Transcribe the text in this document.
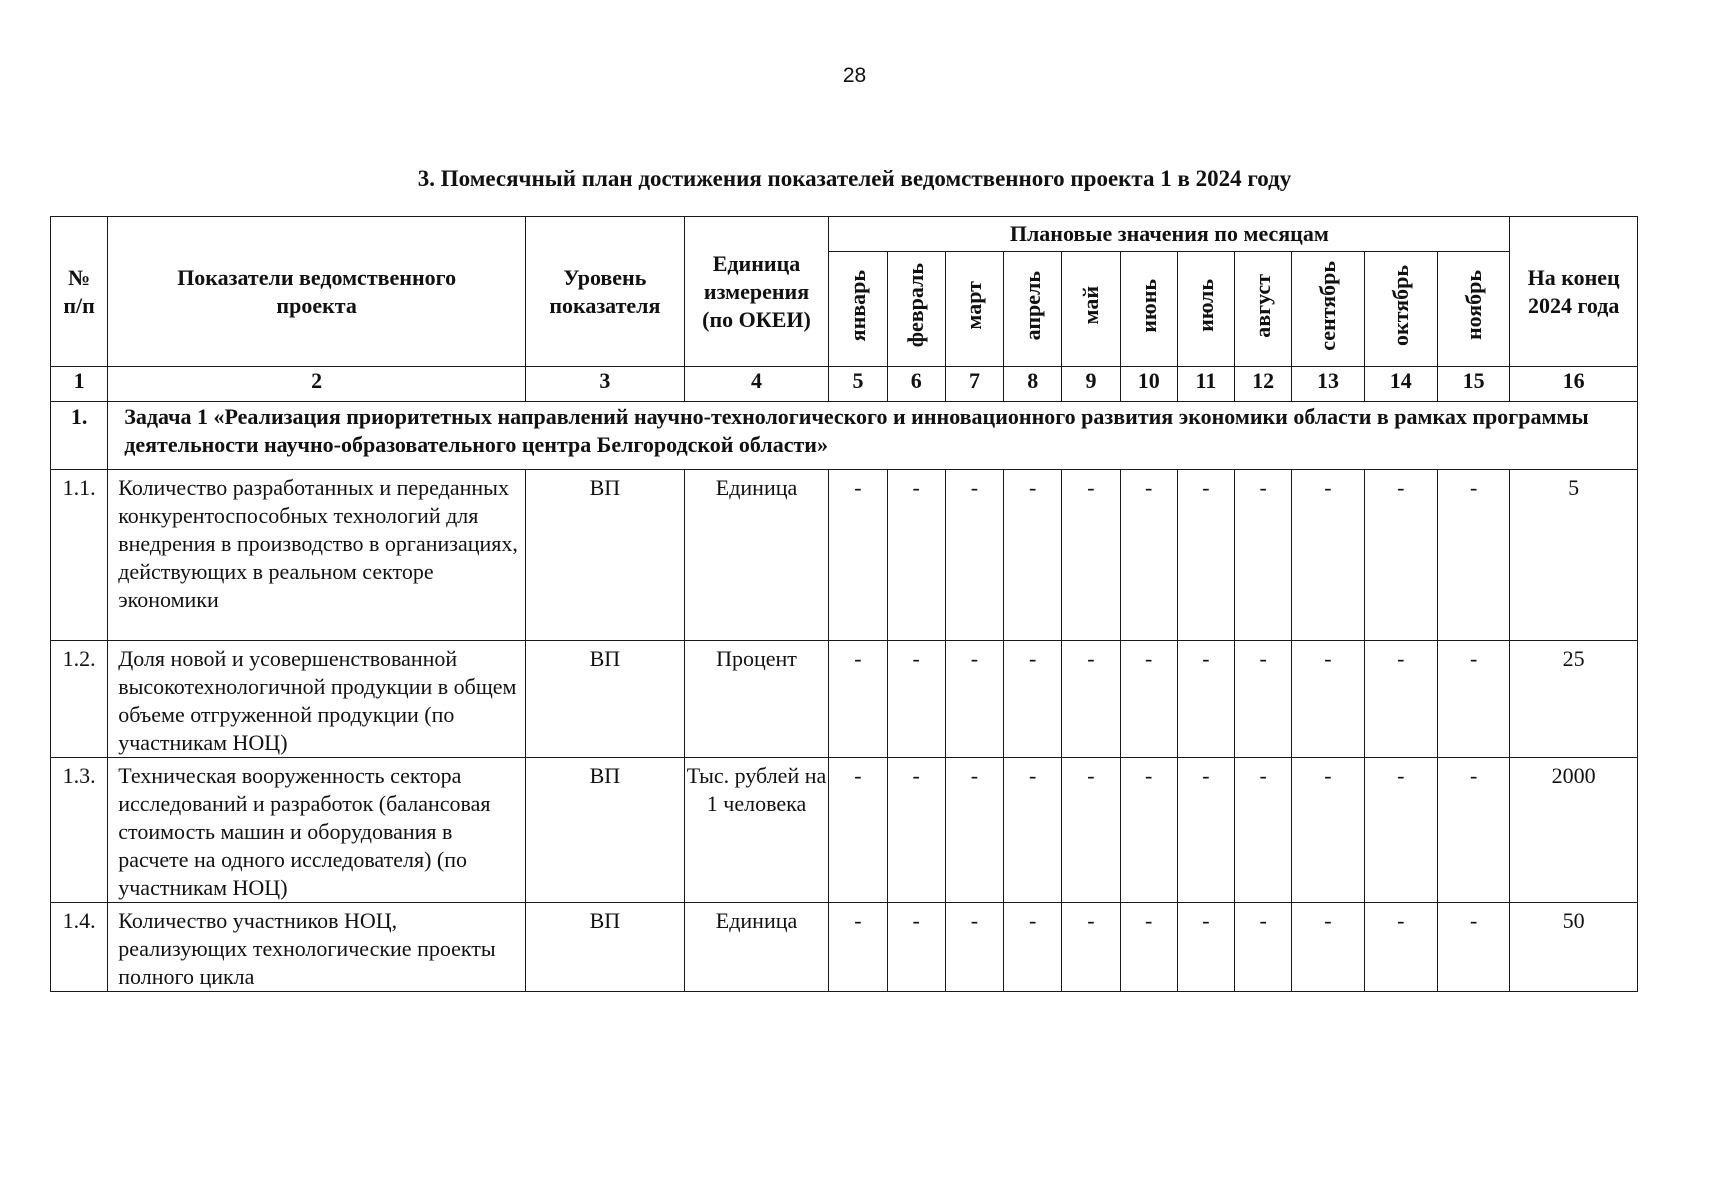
28
3. Помесячный план достижения показателей ведомственного проекта 1 в 2024 году
№
п/п	Показатели ведомственного проекта	Уровень показателя	Единица измерения (по ОКЕИ)	Плановые значения по месяцам											На конец 2024 года
				январь	февраль	март	апрель	май	июнь	июль	август	сентябрь	октябрь	ноябрь	
1	2	3	4	5	6	7	8	9	10	11	12	13	14	15	16
1.	Задача 1 «Реализация приоритетных направлений научно-технологического и инновационного развития экономики области в рамках программы деятельности научно-образовательного центра Белгородской области»														
1.1.	Количество разработанных и переданных конкурентоспособных технологий для внедрения в производство в организациях, действующих в реальном секторе экономики	ВП	Единица	-	-	-	-	-	-	-	-	-	-	-	5
1.2.	Доля новой и усовершенствованной высокотехнологичной продукции в общем объеме отгруженной продукции (по участникам НОЦ)	ВП	Процент	-	-	-	-	-	-	-	-	-	-	-	25
1.3.	Техническая вооруженность сектора исследований и разработок (балансовая стоимость машин и оборудования в расчете на одного исследователя) (по участникам НОЦ)	ВП	Тыс. рублей на 1 человека	-	-	-	-	-	-	-	-	-	-	-	2000
1.4.	Количество участников НОЦ, реализующих технологические проекты полного цикла	ВП	Единица	-	-	-	-	-	-	-	-	-	-	-	50
